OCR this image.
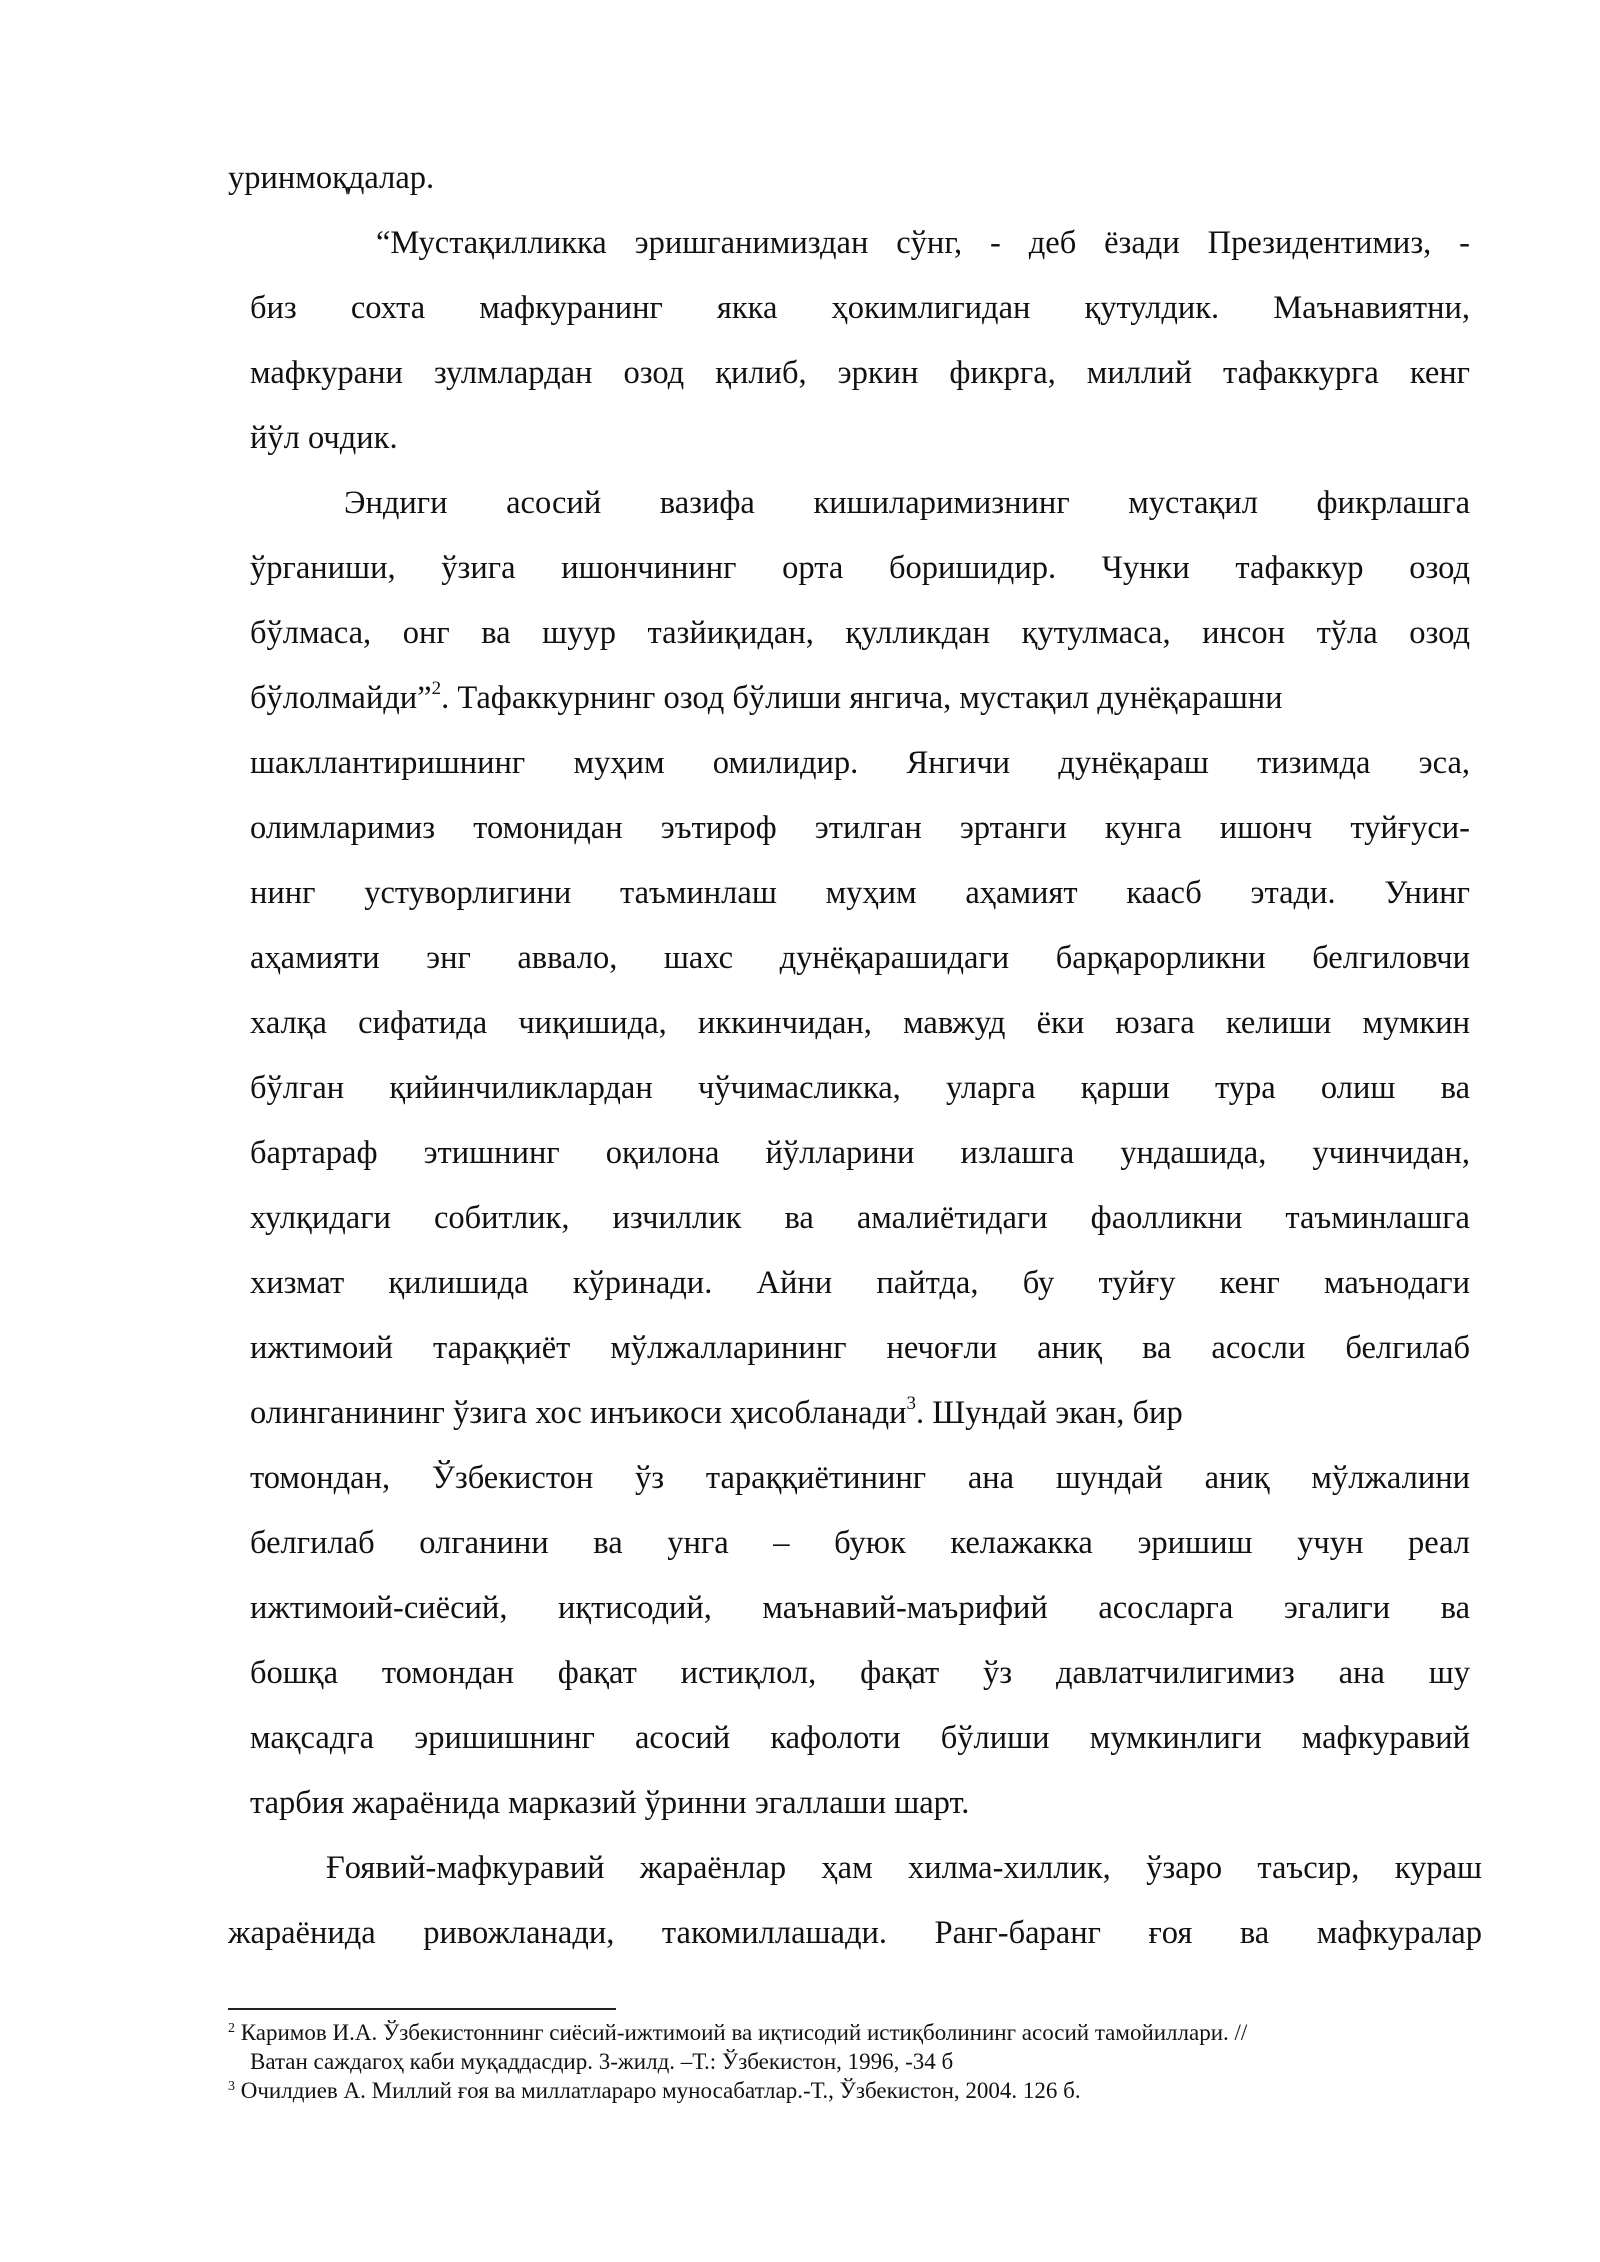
уринмоқдалар.
“Мустақилликка эришганимиздан сўнг, - деб ёзади Президентимиз, -
биз сохта мафкуранинг якка ҳокимлигидан қутулдик. Маънавиятни,
мафкурани зулмлардан озод қилиб, эркин фикрга, миллий тафаккурга кенг
йўл очдик.
Эндиги асосий вазифа кишиларимизнинг мустақил фикрлашга
ўрганиши, ўзига ишончининг орта боришидир. Чунки тафаккур озод
бўлмаса, онг ва шуур тазйиқидан, қулликдан қутулмаса, инсон тўла озод
бўлолмайди”$^2$. Тафаккурнинг озод бўлиши янгича, мустақил дунёқарашни
шакллантиришнинг муҳим омилидир. Янгичи дунёқараш тизимда эса,
олимларимиз томонидан эътироф этилган эртанги кунга ишонч туйғуси-
нинг устуворлигини таъминлаш муҳим аҳамият каасб этади. Унинг
аҳамияти энг аввало, шахс дунёқарашидаги барқарорликни белгиловчи
халқа сифатида чиқишида, иккинчидан, мавжуд ёки юзага келиши мумкин
бўлган қийинчиликлардан чўчимасликка, уларга қарши тура олиш ва
бартараф этишнинг оқилона йўлларини излашга ундашида, учинчидан,
хулқидаги собитлик, изчиллик ва амалиётидаги фаолликни таъминлашга
хизмат қилишида кўринади. Айни пайтда, бу туйғу кенг маънодаги
ижтимоий тараққиёт мўлжалларининг нечоғли аниқ ва асосли белгилаб
олинганининг ўзига хос инъикоси ҳисобланади$^3$. Шундай экан, бир
томондан, Ўзбекистон ўз тараққиётининг ана шундай аниқ мўлжалини
белгилаб олганини ва унга – буюк келажакка эришиш учун реал
ижтимоий-сиёсий, иқтисодий, маънавий-маърифий асосларга эгалиги ва
бошқа томондан фақат истиқлол, фақат ўз давлатчилигимиз ана шу
мақсадга эришишнинг асосий кафолоти бўлиши мумкинлиги мафкуравий
тарбия жараёнида марказий ўринни эгаллаши шарт.
Ғоявий-мафкуравий жараёнлар ҳам хилма-хиллик, ўзаро таъсир, кураш
жараёнида ривожланади, такомиллашади. Ранг-баранг ғоя ва мафкуралар
$^2$ Каримов И.А. Ўзбекистоннинг сиёсий-ижтимоий ва иқтисодий истиқболининг асосий тамойиллари. //
Ватан саждагоҳ каби муқаддасдир. 3-жилд. –Т.: Ўзбекистон, 1996, -34 б
$^3$ Очилдиев А. Миллий ғоя ва миллатлараро муносабатлар.-Т., Ўзбекистон, 2004. 126 б.
